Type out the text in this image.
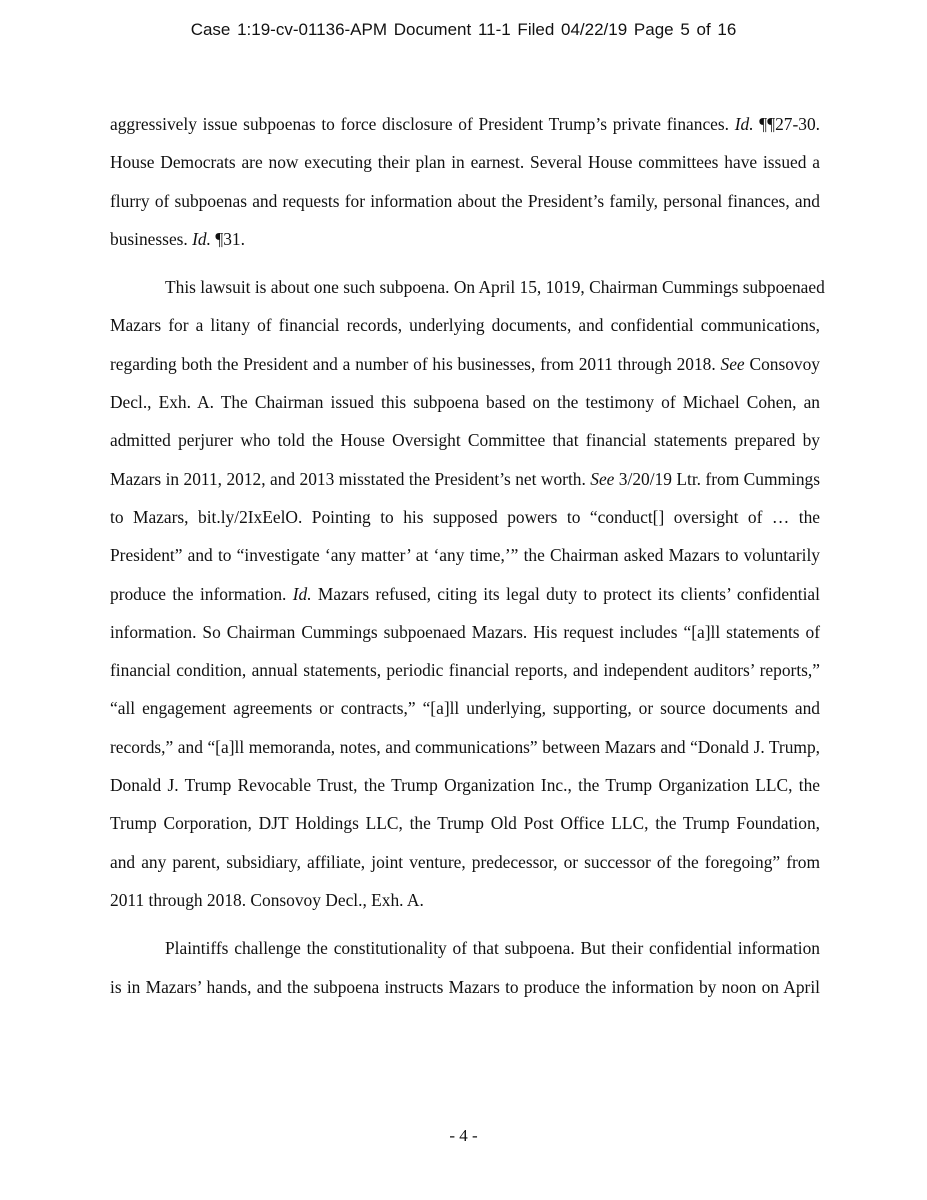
Case 1:19-cv-01136-APM Document 11-1 Filed 04/22/19 Page 5 of 16
aggressively issue subpoenas to force disclosure of President Trump’s private finances. Id. ¶¶27-30.
House Democrats are now executing their plan in earnest. Several House committees have issued a
flurry of subpoenas and requests for information about the President’s family, personal finances, and
businesses. Id. ¶31.
This lawsuit is about one such subpoena. On April 15, 1019, Chairman Cummings subpoenaed
Mazars for a litany of financial records, underlying documents, and confidential communications,
regarding both the President and a number of his businesses, from 2011 through 2018. See Consovoy
Decl., Exh. A. The Chairman issued this subpoena based on the testimony of Michael Cohen, an
admitted perjurer who told the House Oversight Committee that financial statements prepared by
Mazars in 2011, 2012, and 2013 misstated the President’s net worth. See 3/20/19 Ltr. from Cummings
to Mazars, bit.ly/2IxEelO. Pointing to his supposed powers to “conduct[] oversight of … the
President” and to “investigate ‘any matter’ at ‘any time,’” the Chairman asked Mazars to voluntarily
produce the information. Id. Mazars refused, citing its legal duty to protect its clients’ confidential
information. So Chairman Cummings subpoenaed Mazars. His request includes “[a]ll statements of
financial condition, annual statements, periodic financial reports, and independent auditors’ reports,”
“all engagement agreements or contracts,” “[a]ll underlying, supporting, or source documents and
records,” and “[a]ll memoranda, notes, and communications” between Mazars and “Donald J. Trump,
Donald J. Trump Revocable Trust, the Trump Organization Inc., the Trump Organization LLC, the
Trump Corporation, DJT Holdings LLC, the Trump Old Post Office LLC, the Trump Foundation,
and any parent, subsidiary, affiliate, joint venture, predecessor, or successor of the foregoing” from
2011 through 2018. Consovoy Decl., Exh. A.
Plaintiffs challenge the constitutionality of that subpoena. But their confidential information
is in Mazars’ hands, and the subpoena instructs Mazars to produce the information by noon on April
- 4 -
